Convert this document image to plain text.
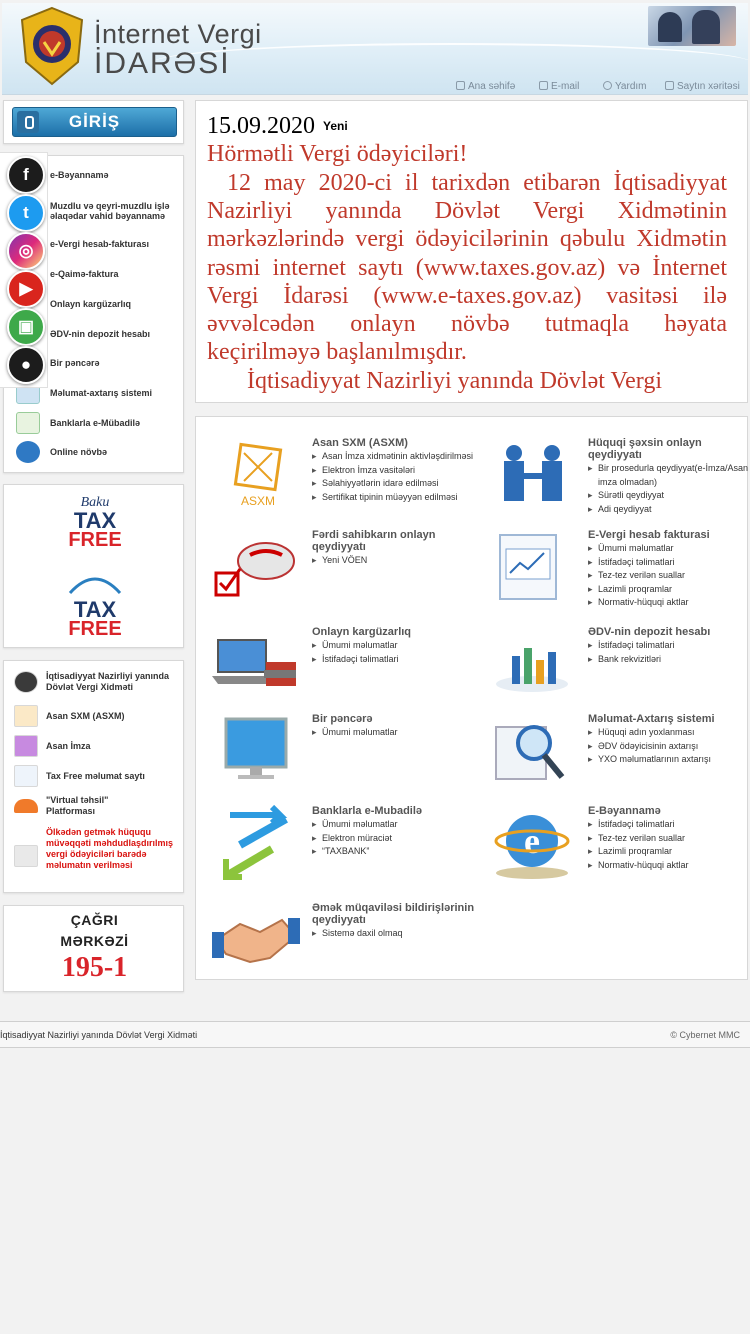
İnternet Vergi
İDARƏSİ
Ana səhifə	E-mail	Yardım	Saytın xəritəsi
GİRİŞ
e-Bəyannamə
Muzdlu və qeyri-muzdlu işlə əlaqədar vahid bəyannamə
e-Vergi hesab-fakturası
e-Qaimə-faktura
Onlayn kargüzarlıq
ƏDV-nin depozit hesabı
Bir pəncərə
Məlumat-axtarış sistemi
Banklarla e-Mübadilə
Online növbə
f
t
◎
▶
▣
●
Baku
TAX
FREE
TAX
FREE
İqtisadiyyat Nazirliyi yanında Dövlət Vergi Xidməti
Asan SXM (ASXM)
Asan İmza
Tax Free məlumat saytı
"Virtual təhsil" Platforması
Ölkədən getmək hüququ müvəqqəti məhdudlaşdırılmış vergi ödəyiciləri barədə məlumatın verilməsi
ÇAĞRI
MƏRKƏZİ
195-1
15.09.2020 Yeni
Hörmətli Vergi ödəyiciləri!
12 may 2020-ci il tarixdən etibarən İqtisadiyyat Nazirliyi yanında Dövlət Vergi Xidmətinin mərkəzlərində vergi ödəyicilərinin qəbulu Xidmətin rəsmi internet saytı (www.taxes.gov.az) və İnternet Vergi İdarəsi (www.e-taxes.gov.az) vasitəsi ilə əvvəlcədən onlayn növbə tutmaqla həyata keçirilməyə başlanılmışdır.
İqtisadiyyat Nazirliyi yanında Dövlət Vergi
ASXM
Asan SXM (ASXM)
▸ Asan İmza xidmətinin aktivləşdirilməsi
▸ Elektron İmza vasitələri
▸ Səlahiyyətlərin idarə edilməsi
▸ Sertifikat tipinin müəyyən edilməsi
Hüquqi şəxsin onlayn qeydiyyatı
▸ Bir prosedurla qeydiyyat(e-İmza/Asan imza olmadan)
▸ Sürətli qeydiyyat
▸ Adi qeydiyyat
Fərdi sahibkarın onlayn qeydiyyatı
▸ Yeni VÖEN
E-Vergi hesab fakturasi
▸ Ümumi məlumatlar
▸ İstifadəçi təlimatlari
▸ Tez-tez verilən suallar
▸ Lazimli proqramlar
▸ Normativ-hüquqi aktlar
Onlayn kargüzarlıq
▸ Ümumi məlumatlar
▸ İstifadəçi təlimatlari
ƏDV-nin depozit hesabı
▸ İstifadəçi təlimatlari
▸ Bank rekvizitləri
Bir pəncərə
▸ Ümumi məlumatlar
Məlumat-Axtarış sistemi
▸ Hüquqi adın yoxlanması
▸ ƏDV ödəyicisinin axtarışı
▸ YXO məlumatlarının axtarışı
Banklarla e-Mubadilə
▸ Ümumi məlumatlar
▸ Elektron müraciət
▸ “TAXBANK”	e
E-Bəyannamə
▸ İstifadəçi təlimatlari
▸ Tez-tez verilən suallar
▸ Lazimli proqramlar
▸ Normativ-hüquqi aktlar
Əmək müqaviləsi bildirişlərinin qeydiyyatı
▸ Sistemə daxil olmaq
İqtisadiyyat Nazirliyi yanında Dövlət Vergi Xidməti	© Cybernet MMC
